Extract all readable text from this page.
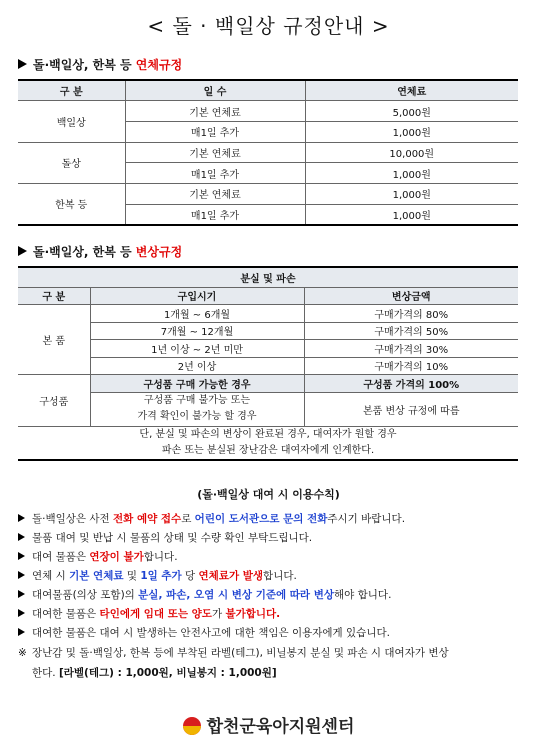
< 돌 · 백일상 규정안내 >
돌·백일상, 한복 등 연체규정
구 분	일 수	연체료
백일상	기본 연체료	5,000원
	매1일 추가	1,000원
돌상	기본 연체료	10,000원
	매1일 추가	1,000원
한복 등	기본 연체료	1,000원
	매1일 추가	1,000원
돌·백일상, 한복 등 변상규정
분실 및 파손		
구 분	구입시기	변상금액
본 품	1개월 ~ 6개월	구매가격의 80%
	7개월 ~ 12개월	구매가격의 50%
	1년 이상 ~ 2년 미만	구매가격의 30%
	2년 이상	구매가격의 10%
구성품	구성품 구매 가능한 경우	구성품 가격의 100%

	구성품 구매 불가능 또는
가격 확인이 불가능 할 경우	본품 변상 규정에 따름

단, 분실 및 파손의 변상이 완료된 경우, 대여자가 원할 경우
파손 또는 분실된 장난감은 대여자에게 인계한다.		
(돌·백일상 대여 시 이용수칙)
돌·백일상은 사전 전화 예약 접수로 어린이 도서관으로 문의 전화주시기 바랍니다.
물품 대여 및 반납 시 물품의 상태 및 수량 확인 부탁드립니다.
대여 물품은 연장이 불가합니다.
연체 시 기본 연체료 및 1일 추가 당 연체료가 발생합니다.
대여물품(의상 포함)의 분실, 파손, 오염 시 변상 기준에 따라 변상해야 합니다.
대여한 물품은 타인에게 임대 또는 양도가 불가합니다.
대여한 물품은 대여 시 발생하는 안전사고에 대한 책임은 이용자에게 있습니다.
※ 장난감 및 돌·백일상, 한복 등에 부착된 라벨(테그), 비닐봉지 분실 및 파손 시 대여자가 변상
한다. [라벨(테그) : 1,000원, 비닐봉지 : 1,000원]
합천군육아지원센터
